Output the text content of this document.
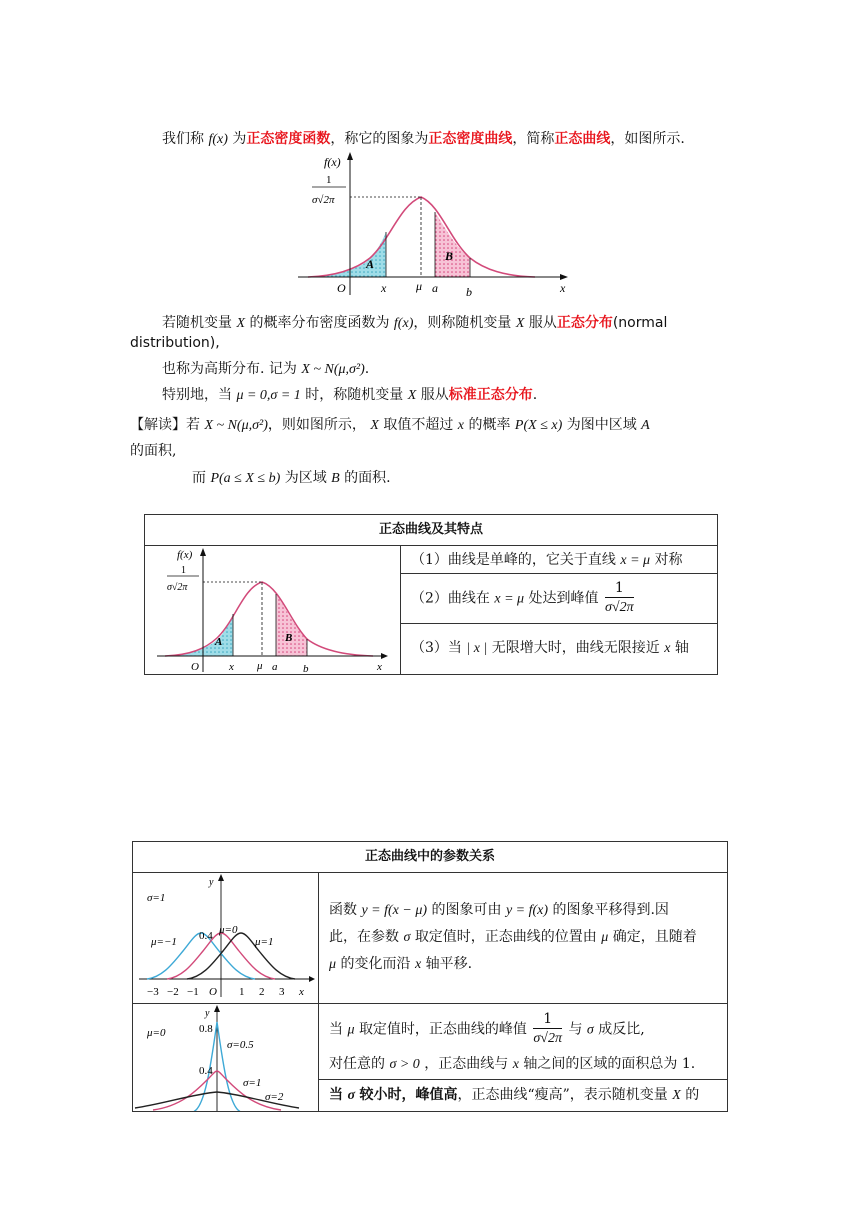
我们称 f(x) 为正态密度函数，称它的图象为正态密度曲线，简称正态曲线，如图所示.
f(x)
1
σ√2π
A
B
O	x μ a b	x
若随机变量 X 的概率分布密度函数为 f(x)，则称随机变量 X 服从正态分布(normal
distribution),
也称为高斯分布. 记为 X ~ N(μ,σ²).
特别地，当 μ = 0,σ = 1 时，称随机变量 X 服从标准正态分布.
【解读】若 X ~ N(μ,σ²)，则如图所示， X 取值不超过 x 的概率 P(X ≤ x) 为图中区域 A
的面积,
而 P(a ≤ X ≤ b) 为区域 B 的面积.
正态曲线及其特点
f(x)
1
σ√2π
A	B
O	x μ a b	x
（1）曲线是单峰的，它关于直线 x = μ 对称
（2）曲线在 x = μ 处达到峰值 $\frac{1}{\sigma√2\pi}$
（3）当 | x | 无限增大时，曲线无限接近 x 轴
正态曲线中的参数关系
y
σ=1
0.4 μ=0
μ=−1	μ=1
−3 −2 −1 O 1 2 3 x
函数 y = f(x − μ) 的图象可由 y = f(x) 的图象平移得到.因
此，在参数 σ 取定值时，正态曲线的位置由 μ 确定，且随着
μ 的变化而沿 x 轴平移.
y
μ=0	0.8
σ=0.5
0.4
σ=1
σ=2
当 μ 取定值时，正态曲线的峰值 $\frac{1}{\sigma√2\pi}$ 与 σ 成反比,
对任意的 σ > 0 ，正态曲线与 x 轴之间的区域的面积总为 1.
当 σ 较小时，峰值高，正态曲线“瘦高”，表示随机变量 X 的
